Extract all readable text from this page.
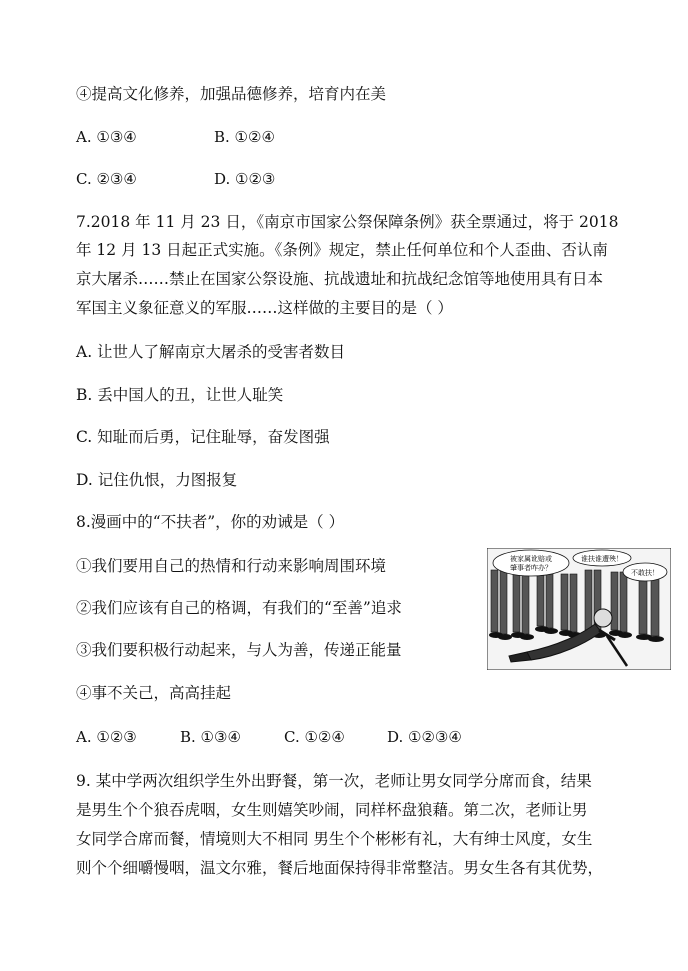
④提高文化修养，加强品德修养，培育内在美
A. ①③④	B. ①②④
C. ②③④	D. ①②③
7.2018 年 11 月 23 日，《南京市国家公祭保障条例》获全票通过，将于 2018
年 12 月 13 日起正式实施。《条例》规定，禁止任何单位和个人歪曲、否认南
京大屠杀……禁止在国家公祭设施、抗战遗址和抗战纪念馆等地使用具有日本
军国主义象征意义的军服……这样做的主要目的是（ ）
A. 让世人了解南京大屠杀的受害者数目
B. 丢中国人的丑，让世人耻笑
C. 知耻而后勇，记住耻辱，奋发图强
D. 记住仇恨，力图报复
8.漫画中的“不扶者”，你的劝诫是（ ）
①我们要用自己的热情和行动来影响周围环境
②我们应该有自己的格调，有我们的“至善”追求
③我们要积极行动起来，与人为善，传递正能量
④事不关己，高高挂起
A. ①②③	B. ①③④	C. ①②④	D. ①②③④
被家属讹赔或
肇事者咋办？
谁扶谁遭殃！
不敢扶！
9. 某中学两次组织学生外出野餐，第一次，老师让男女同学分席而食，结果
是男生个个狼吞虎咽，女生则嬉笑吵闹，同样杯盘狼藉。第二次，老师让男
女同学合席而餐，情境则大不相同 男生个个彬彬有礼，大有绅士风度，女生
则个个细嚼慢咽，温文尔雅，餐后地面保持得非常整洁。男女生各有其优势，
